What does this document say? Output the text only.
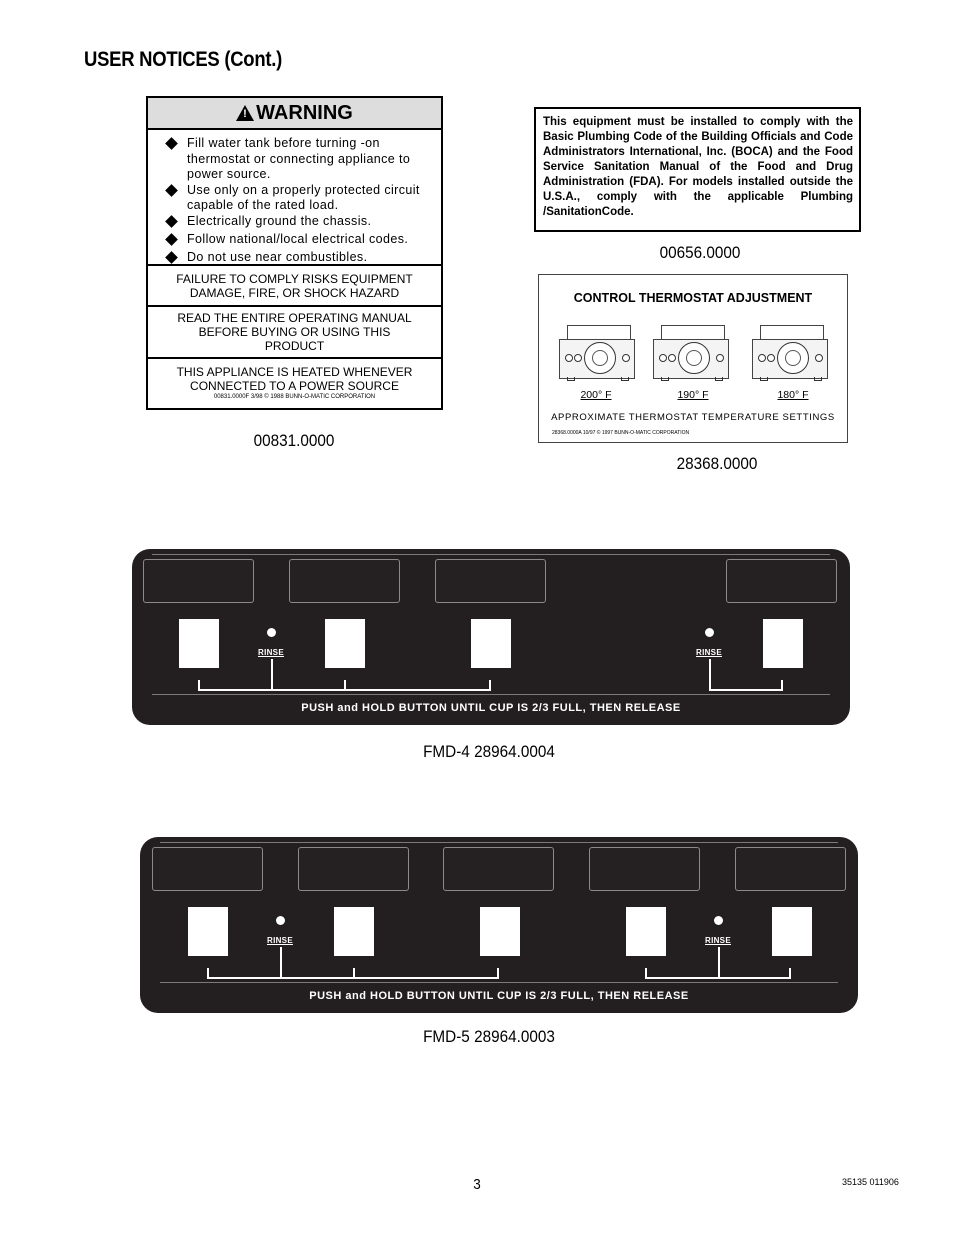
USER NOTICES (Cont.)
! WARNING
Fill water tank before turning -on thermostat or connecting appliance to power source.
Use only on a properly protected circuit capable of the rated load.
Electrically ground the chassis.
Follow national/local electrical codes.
Do not use near combustibles.
FAILURE TO COMPLY RISKS EQUIPMENT DAMAGE, FIRE, OR SHOCK HAZARD
READ THE ENTIRE OPERATING MANUAL BEFORE BUYING OR USING THIS PRODUCT
THIS APPLIANCE IS HEATED WHENEVER CONNECTED TO A POWER SOURCE
00831.0000F 3/98 © 1988 BUNN-O-MATIC CORPORATION
00831.0000
This equipment must be installed to comply with the Basic Plumbing Code of the Building Officials and Code Administrators International, Inc. (BOCA) and the Food Service Sanitation Manual of the Food and Drug Administration (FDA). For models installed outside the U.S.A., comply with the applicable Plumbing /SanitationCode.
00656.0000
CONTROL THERMOSTAT ADJUSTMENT
200° F	190° F	180° F
APPROXIMATE THERMOSTAT TEMPERATURE SETTINGS
28368.0000A 10/97 © 1997 BUNN-O-MATIC CORPORATION
28368.0000
RINSE	RINSE
PUSH and HOLD BUTTON UNTIL CUP IS 2/3 FULL, THEN RELEASE
FMD-4 28964.0004
RINSE	RINSE
PUSH and HOLD BUTTON UNTIL CUP IS 2/3 FULL, THEN RELEASE
FMD-5 28964.0003
3	35135 011906
